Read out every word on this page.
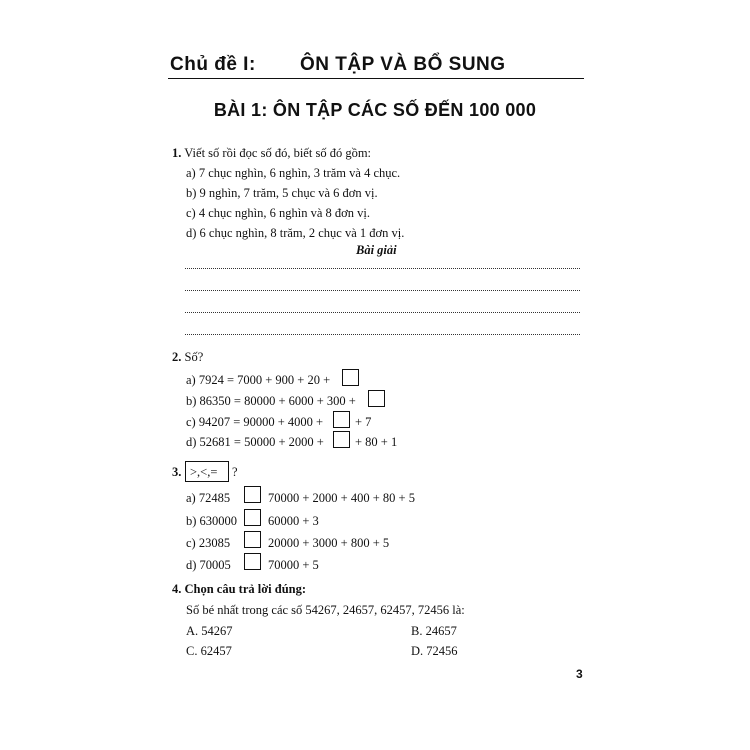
Chủ đề I: ÔN TẬP VÀ BỔ SUNG
BÀI 1: ÔN TẬP CÁC SỐ ĐẾN 100 000
1. Viết số rồi đọc số đó, biết số đó gồm:
a) 7 chục nghìn, 6 nghìn, 3 trăm và 4 chục.
b) 9 nghìn, 7 trăm, 5 chục và 6 đơn vị.
c) 4 chục nghìn, 6 nghìn và 8 đơn vị.
d) 6 chục nghìn, 8 trăm, 2 chục và 1 đơn vị.
Bài giải
2. Số?
a) 7924 = 7000 + 900 + 20 +
b) 86350 = 80000 + 6000 + 300 +
c) 94207 = 90000 + 4000 +	+ 7
d) 52681 = 50000 + 2000 + + 80 + 1
3. >,<,= ?
a) 72485	70000 + 2000 + 400 + 80 + 5
b) 630000 60000 + 3
c) 23085	20000 + 3000 + 800 + 5
d) 70005	70000 + 5
4. Chọn câu trả lời đúng:
Số bé nhất trong các số 54267, 24657, 62457, 72456 là:
A. 54267	B. 24657
C. 62457	D. 72456
3
